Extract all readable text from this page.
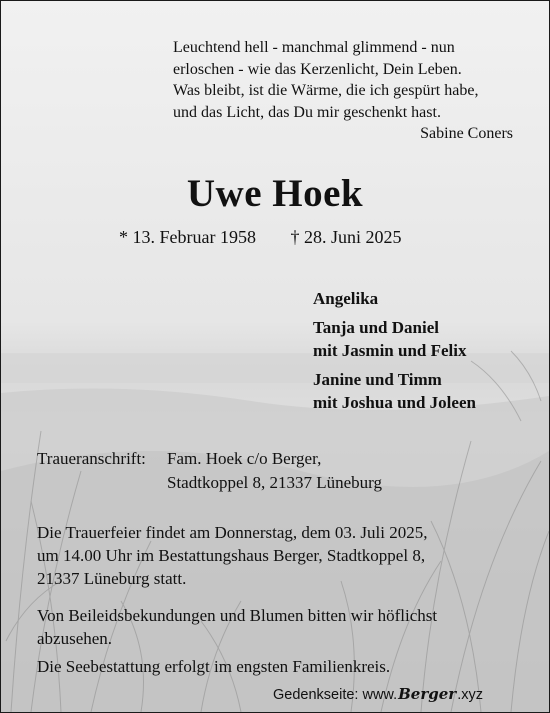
Leuchtend hell - manchmal glimmend - nun
erloschen - wie das Kerzenlicht, Dein Leben.
Was bleibt, ist die Wärme, die ich gespürt habe,
und das Licht, das Du mir geschenkt hast.
Sabine Coners
Uwe Hoek
* 13. Februar 1958 † 28. Juni 2025
Angelika
Tanja und Daniel
mit Jasmin und Felix
Janine und Timm
mit Joshua und Joleen
Traueranschrift:	Fam. Hoek c/o Berger,
Stadtkoppel 8, 21337 Lüneburg
Die Trauerfeier findet am Donnerstag, dem 03. Juli 2025,
um 14.00 Uhr im Bestattungshaus Berger, Stadtkoppel 8,
21337 Lüneburg statt.
Von Beileidsbekundungen und Blumen bitten wir höflichst
abzusehen.
Die Seebestattung erfolgt im engsten Familienkreis.
Gedenkseite: www.Berger.xyz
